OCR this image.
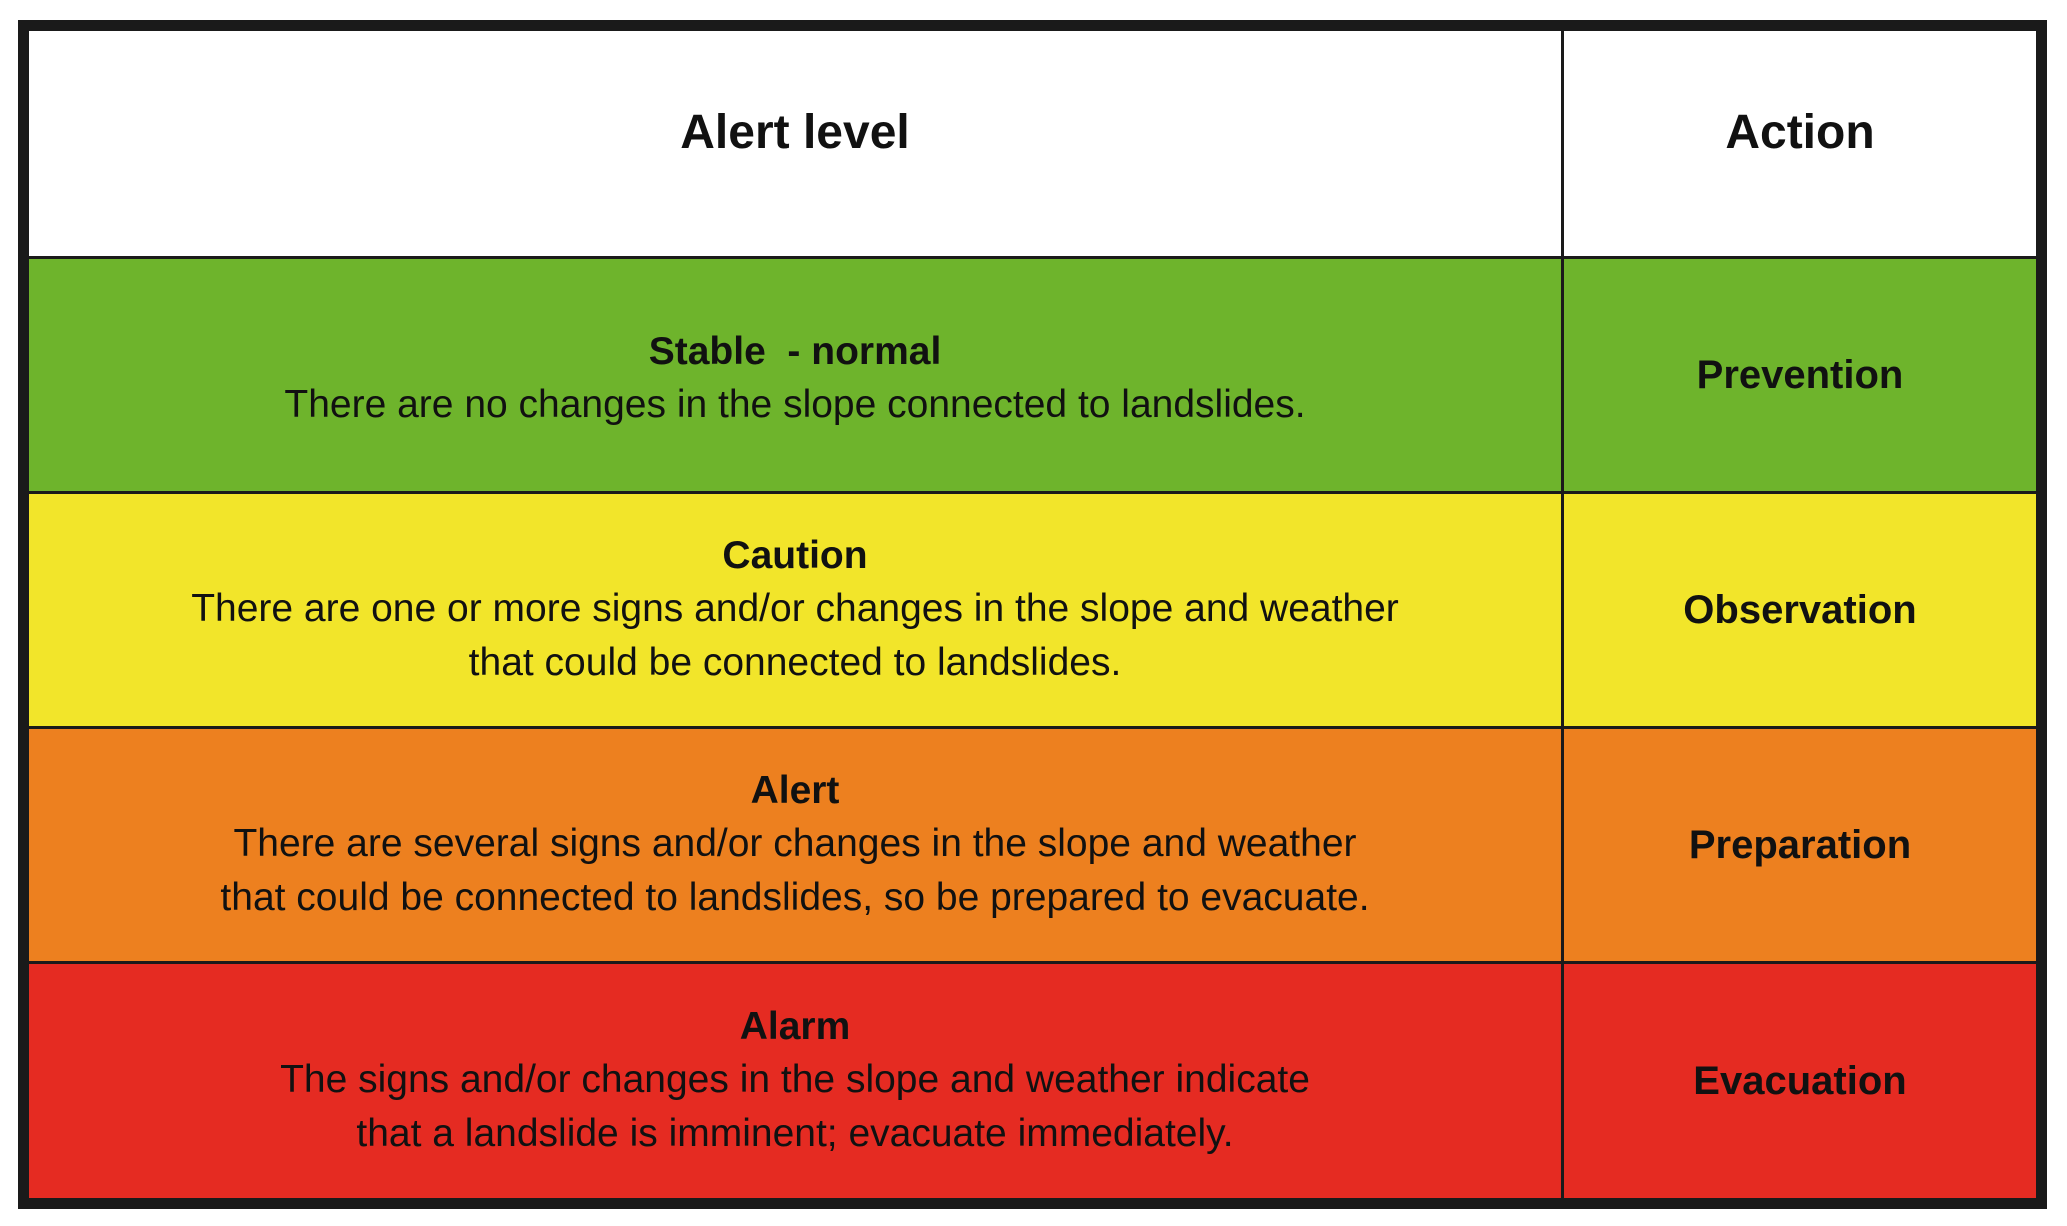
Alert level	Action
Stable  - normal
There are no changes in the slope connected to landslides.
Prevention
Caution
There are one or more signs and/or changes in the slope and weather
that could be connected to landslides.
Observation
Alert
There are several signs and/or changes in the slope and weather
that could be connected to landslides, so be prepared to evacuate.
Preparation
Alarm
The signs and/or changes in the slope and weather indicate
that a landslide is imminent; evacuate immediately.
Evacuation
